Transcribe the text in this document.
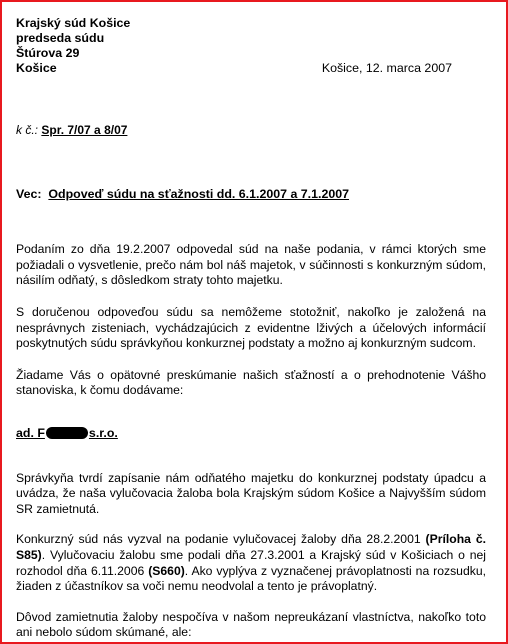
Krajský súd Košice
predseda súdu
Štúrova 29
Košice	Košice, 12. marca 2007
k č.: Spr. 7/07 a 8/07
Vec: Odpoveď súdu na sťažnosti dd. 6.1.2007 a 7.1.2007

Podaním zo dňa 19.2.2007 odpovedal súd na naše podania, v rámci ktorých sme požiadali o vysvetlenie, prečo nám bol náš majetok, v súčinnosti s konkurzným súdom, násilím odňatý, s dôsledkom straty tohto majetku.

S doručenou odpoveďou súdu sa nemôžeme stotožniť, nakoľko je založená na nesprávnych zisteniach, vychádzajúcich z evidentne lživých a účelových informácií poskytnutých súdu správkyňou konkurznej podstaty a možno aj konkurzným sudcom.

Žiadame Vás o opätovné preskúmanie našich sťažností a o prehodnotenie Vášho stanoviska, k čomu dodávame:

ad. F	s.r.o.

Správkyňa tvrdí zapísanie nám odňatého majetku do konkurznej podstaty úpadcu a uvádza, že naša vylučovacia žaloba bola Krajským súdom Košice a Najvyšším súdom SR zamietnutá.

Konkurzný súd nás vyzval na podanie vylučovacej žaloby dňa 28.2.2001 (Príloha č. S85). Vylučovaciu žalobu sme podali dňa 27.3.2001 a Krajský súd v Košiciach o nej rozhodol dňa 6.11.2006 (S660). Ako vyplýva z vyznačenej právoplatnosti na rozsudku, žiaden z účastníkov sa voči nemu neodvolal a tento je právoplatný.

Dôvod zamietnutia žaloby nespočíva v našom nepreukázaní vlastníctva, nakoľko toto ani nebolo súdom skúmané, ale:
